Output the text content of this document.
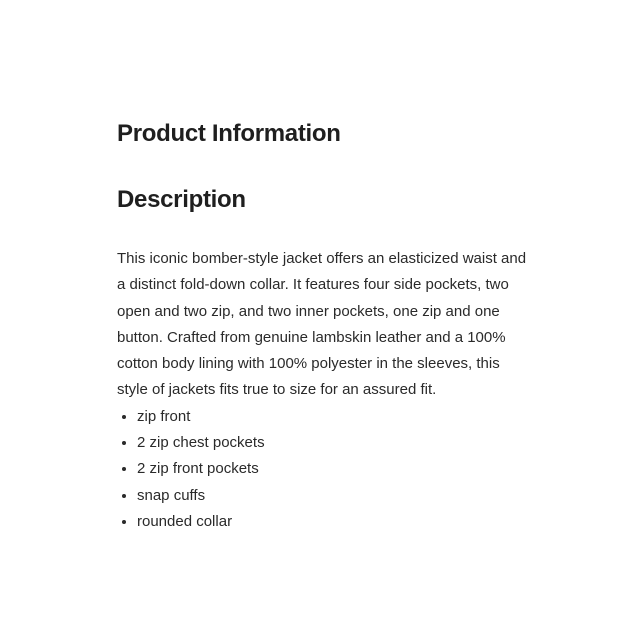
Product Information
Description

This iconic bomber-style jacket offers an elasticized waist and a distinct fold-down collar. It features four side pockets, two open and two zip, and two inner pockets, one zip and one button. Crafted from genuine lambskin leather and a 100% cotton body lining with 100% polyester in the sleeves, this style of jackets fits true to size for an assured fit.

• zip front
• 2 zip chest pockets
• 2 zip front pockets
• snap cuffs
• rounded collar
